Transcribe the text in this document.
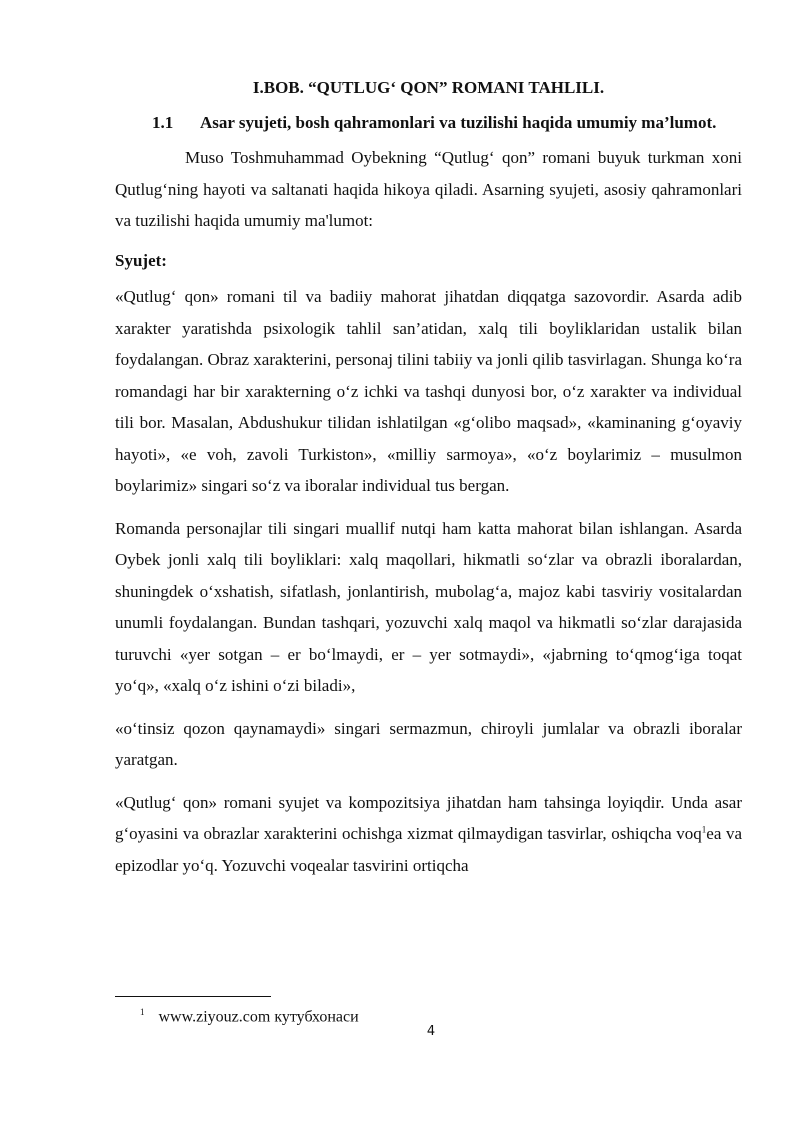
I.BOB. “QUTLUG‘ QON” ROMANI TAHLILI.

1.1 Asar syujeti, bosh qahramonlari va tuzilishi haqida umumiy ma’lumot.

Muso Toshmuhammad Oybekning “Qutlug‘ qon” romani buyuk turkman xoni Qutlug‘ning hayoti va saltanati haqida hikoya qiladi. Asarning syujeti, asosiy qahramonlari va tuzilishi haqida umumiy ma'lumot:

Syujet:

«Qutlug‘ qon» romani til va badiiy mahorat jihatdan diqqatga sazovordir. Asarda adib xarakter yaratishda psixologik tahlil san’atidan, xalq tili boyliklaridan ustalik bilan foydalangan. Obraz xarakterini, personaj tilini tabiiy va jonli qilib tasvirlagan. Shunga ko‘ra romandagi har bir xarakterning o‘z ichki va tashqi dunyosi bor, o‘z xarakter va individual tili bor. Masalan, Abdushukur tilidan ishlatilgan «g‘olibo maqsad», «kaminaning g‘oyaviy hayoti», «e voh, zavoli Turkiston», «milliy sarmoya», «o‘z boylarimiz – musulmon boylarimiz» singari so‘z va iboralar individual tus bergan.

Romanda personajlar tili singari muallif nutqi ham katta mahorat bilan ishlangan. Asarda Oybek jonli xalq tili boyliklari: xalq maqollari, hikmatli so‘zlar va obrazli iboralardan, shuningdek o‘xshatish, sifatlash, jonlantirish, mubolag‘a, majoz kabi tasviriy vositalardan unumli foydalangan. Bundan tashqari, yozuvchi xalq maqol va hikmatli so‘zlar darajasida turuvchi «yer sotgan – er bo‘lmaydi, er – yer sotmaydi», «jabrning to‘qmog‘iga toqat yo‘q», «xalq o‘z ishini o‘zi biladi»,

«o‘tinsiz qozon qaynamaydi» singari sermazmun, chiroyli jumlalar va obrazli iboralar yaratgan.

«Qutlug‘ qon» romani syujet va kompozitsiya jihatdan ham tahsinga loyiqdir. Unda asar g‘oyasini va obrazlar xarakterini ochishga xizmat qilmaydigan tasvirlar, oshiqcha voq$^1$ea va epizodlar yo‘q. Yozuvchi voqealar tasvirini ortiqcha

$^1$ www.ziyouz.com кутубхонаси
4
